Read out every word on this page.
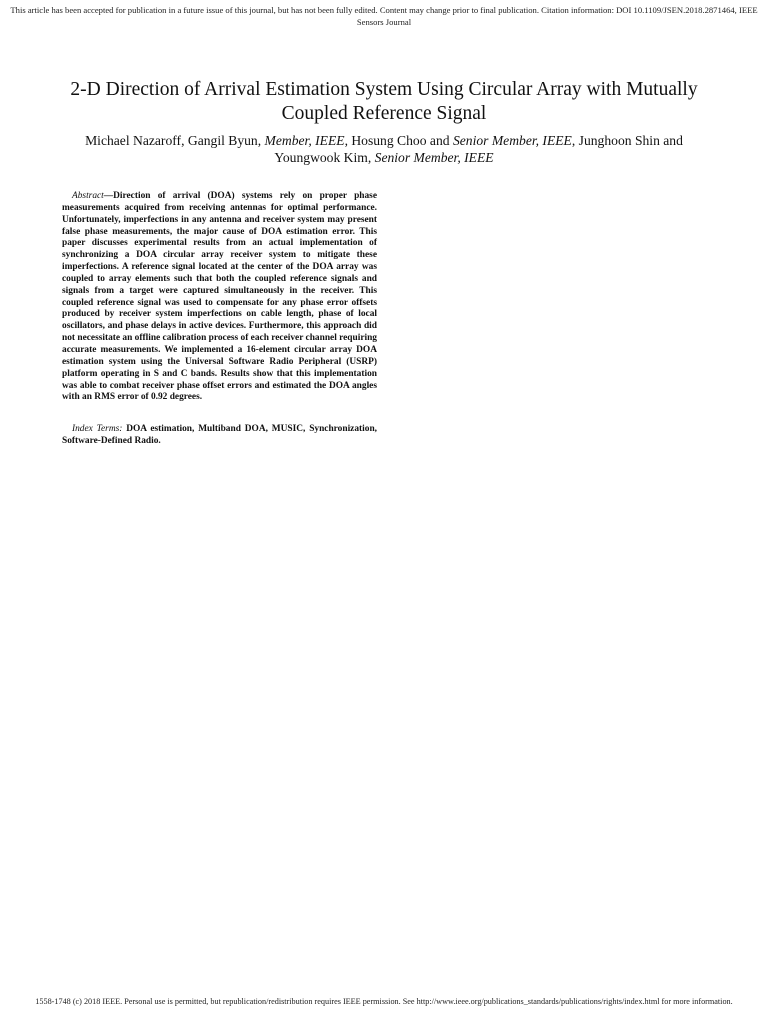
This article has been accepted for publication in a future issue of this journal, but has not been fully edited. Content may change prior to final publication. Citation information: DOI 10.1109/JSEN.2018.2871464, IEEE Sensors Journal
2-D Direction of Arrival Estimation System Using Circular Array with Mutually Coupled Reference Signal
Michael Nazaroff, Gangil Byun, Member, IEEE, Hosung Choo and Senior Member, IEEE, Junghoon Shin and
Youngwook Kim, Senior Member, IEEE

Abstract—Direction of arrival (DOA) systems rely on proper phase measurements acquired from receiving antennas for optimal performance. Unfortunately, imperfections in any antenna and receiver system may present false phase measurements, the major cause of DOA estimation error. This paper discusses experimental results from an actual implementation of synchronizing a DOA circular array receiver system to mitigate these imperfections. A reference signal located at the center of the DOA array was coupled to array elements such that both the coupled reference signals and signals from a target were captured simultaneously in the receiver. This coupled reference signal was used to compensate for any phase error offsets produced by receiver system imperfections on cable length, phase of local oscillators, and phase delays in active devices. Furthermore, this approach did not necessitate an offline calibration process of each receiver channel requiring accurate measurements. We implemented a 16-element circular array DOA estimation system using the Universal Software Radio Peripheral (USRP) platform operating in S and C bands. Results show that this implementation was able to combat receiver phase offset errors and estimated the DOA angles with an RMS error of 0.92 degrees.

Index Terms: DOA estimation, Multiband DOA, MUSIC, Synchronization, Software-Defined Radio.

1558-1748 (c) 2018 IEEE. Personal use is permitted, but republication/redistribution requires IEEE permission. See http://www.ieee.org/publications_standards/publications/rights/index.html for more information.
